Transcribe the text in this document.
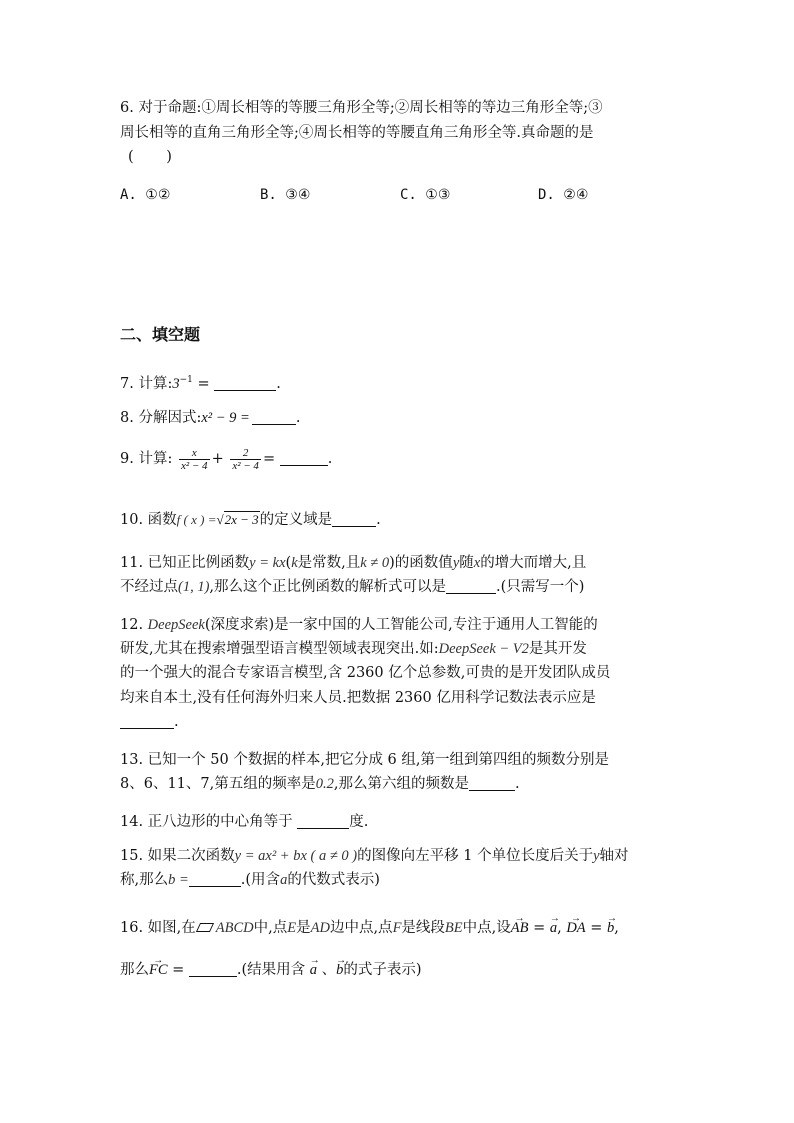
6. 对于命题:①周长相等的等腰三角形全等;②周长相等的等边三角形全等;③
周长相等的直角三角形全等;④周长相等的等腰直角三角形全等.真命题的是
( )
A. ①②	B. ③④	C. ①③	D. ②④
二、填空题
7. 计算$:3^{-1}$ =	.
8. 分解因式:x² − 9 =	.
9. 计算: $\frac{x}{\text{x² − 4}} + \frac{2}{\text{x² − 4}}$ =	.
10. 函数f ( x ) =√2x − 3的定义域是	.
11. 已知正比例函数y = kx(k是常数,且k ≠ 0)的函数值y随x的增大而增大,且
不经过点(1, 1),那么这个正比例函数的解析式可以是	.(只需写一个)
12. DeepSeek(深度求索)是一家中国的人工智能公司,专注于通用人工智能的
研发,尤其在搜索增强型语言模型领域表现突出.如:DeepSeek − V2是其开发
的一个强大的混合专家语言模型,含 2360 亿个总参数,可贵的是开发团队成员
均来自本土,没有任何海外归来人员.把数据 2360 亿用科学记数法表示应是
.
13. 已知一个 50 个数据的样本,把它分成 6 组,第一组到第四组的频数分别是
8、6、11、7,第五组的频率是0.2,那么第六组的频数是	.
14. 正八边形的中心角等于	度.
15. 如果二次函数y = ax² + bx ( a ≠ 0 )的图像向左平移 1 个单位长度后关于y轴对
称,那么b =	.(用含a的代数式表示)
16. 如图,在 ABCD中,点E是AD边中点,点F是线段BE中点,设→ AB = → a, → DA = → b,
那么→ FC =	.(结果用含 → a 、→ b的式子表示)
